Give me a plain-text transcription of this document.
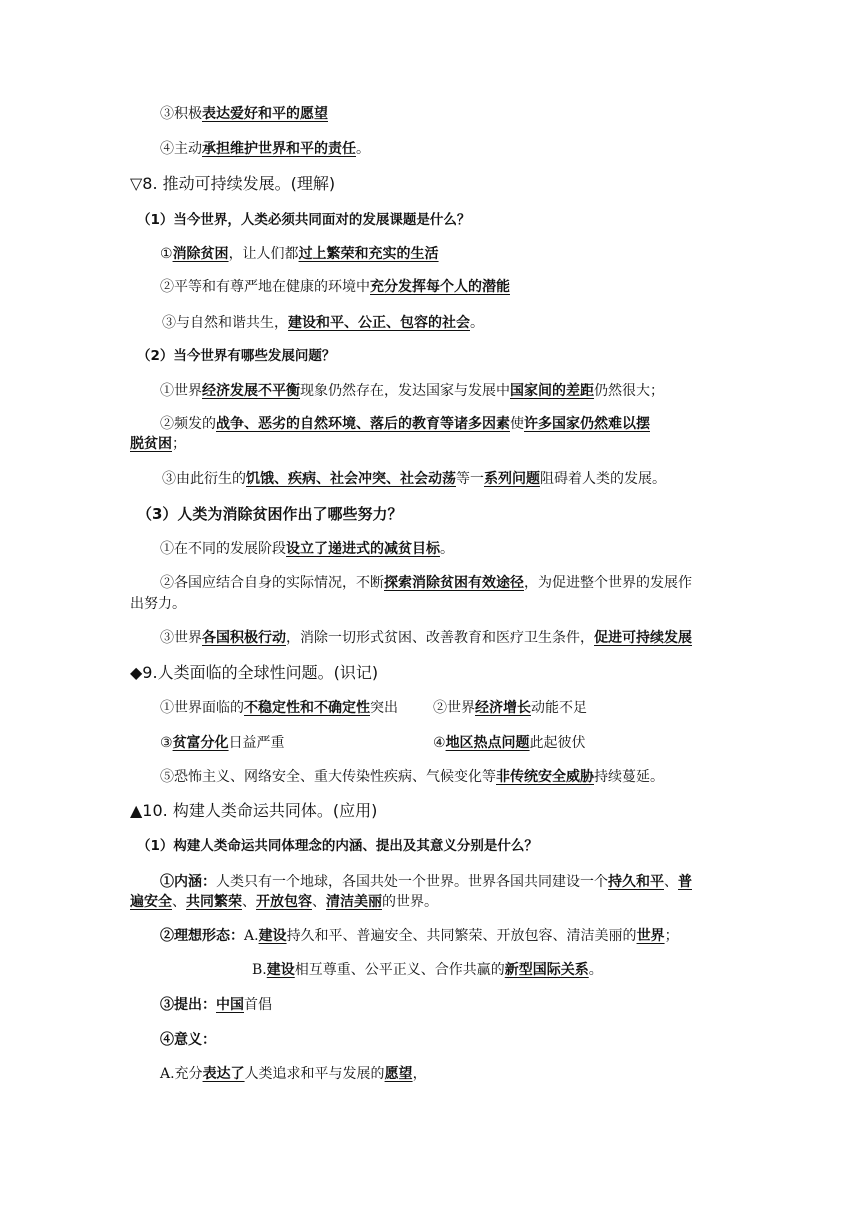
③积极表达爱好和平的愿望
④主动承担维护世界和平的责任。
▽8. 推动可持续发展。(理解)
（1）当今世界，人类必须共同面对的发展课题是什么？
①消除贫困，让人们都过上繁荣和充实的生活
②平等和有尊严地在健康的环境中充分发挥每个人的潜能
③与自然和谐共生，建设和平、公正、包容的社会。
（2）当今世界有哪些发展问题？
①世界经济发展不平衡现象仍然存在，发达国家与发展中国家间的差距仍然很大；
②频发的战争、恶劣的自然环境、落后的教育等诸多因素使许多国家仍然难以摆
脱贫困；
③由此衍生的饥饿、疾病、社会冲突、社会动荡等一系列问题阻碍着人类的发展。
（3）人类为消除贫困作出了哪些努力？
①在不同的发展阶段设立了递进式的减贫目标。
②各国应结合自身的实际情况，不断探索消除贫困有效途径，为促进整个世界的发展作
出努力。
③世界各国积极行动，消除一切形式贫困、改善教育和医疗卫生条件，促进可持续发展
◆9.人类面临的全球性问题。(识记)
①世界面临的不稳定性和不确定性突出	②世界经济增长动能不足
③贫富分化日益严重	④地区热点问题此起彼伏
⑤恐怖主义、网络安全、重大传染性疾病、气候变化等非传统安全威胁持续蔓延。
▲10. 构建人类命运共同体。(应用)
（1）构建人类命运共同体理念的内涵、提出及其意义分别是什么？
①内涵：人类只有一个地球，各国共处一个世界。世界各国共同建设一个持久和平、普
遍安全、共同繁荣、开放包容、清洁美丽的世界。
②理想形态：A.建设持久和平、普遍安全、共同繁荣、开放包容、清洁美丽的世界；
B.建设相互尊重、公平正义、合作共赢的新型国际关系。
③提出：中国首倡
④意义：
A.充分表达了人类追求和平与发展的愿望，
